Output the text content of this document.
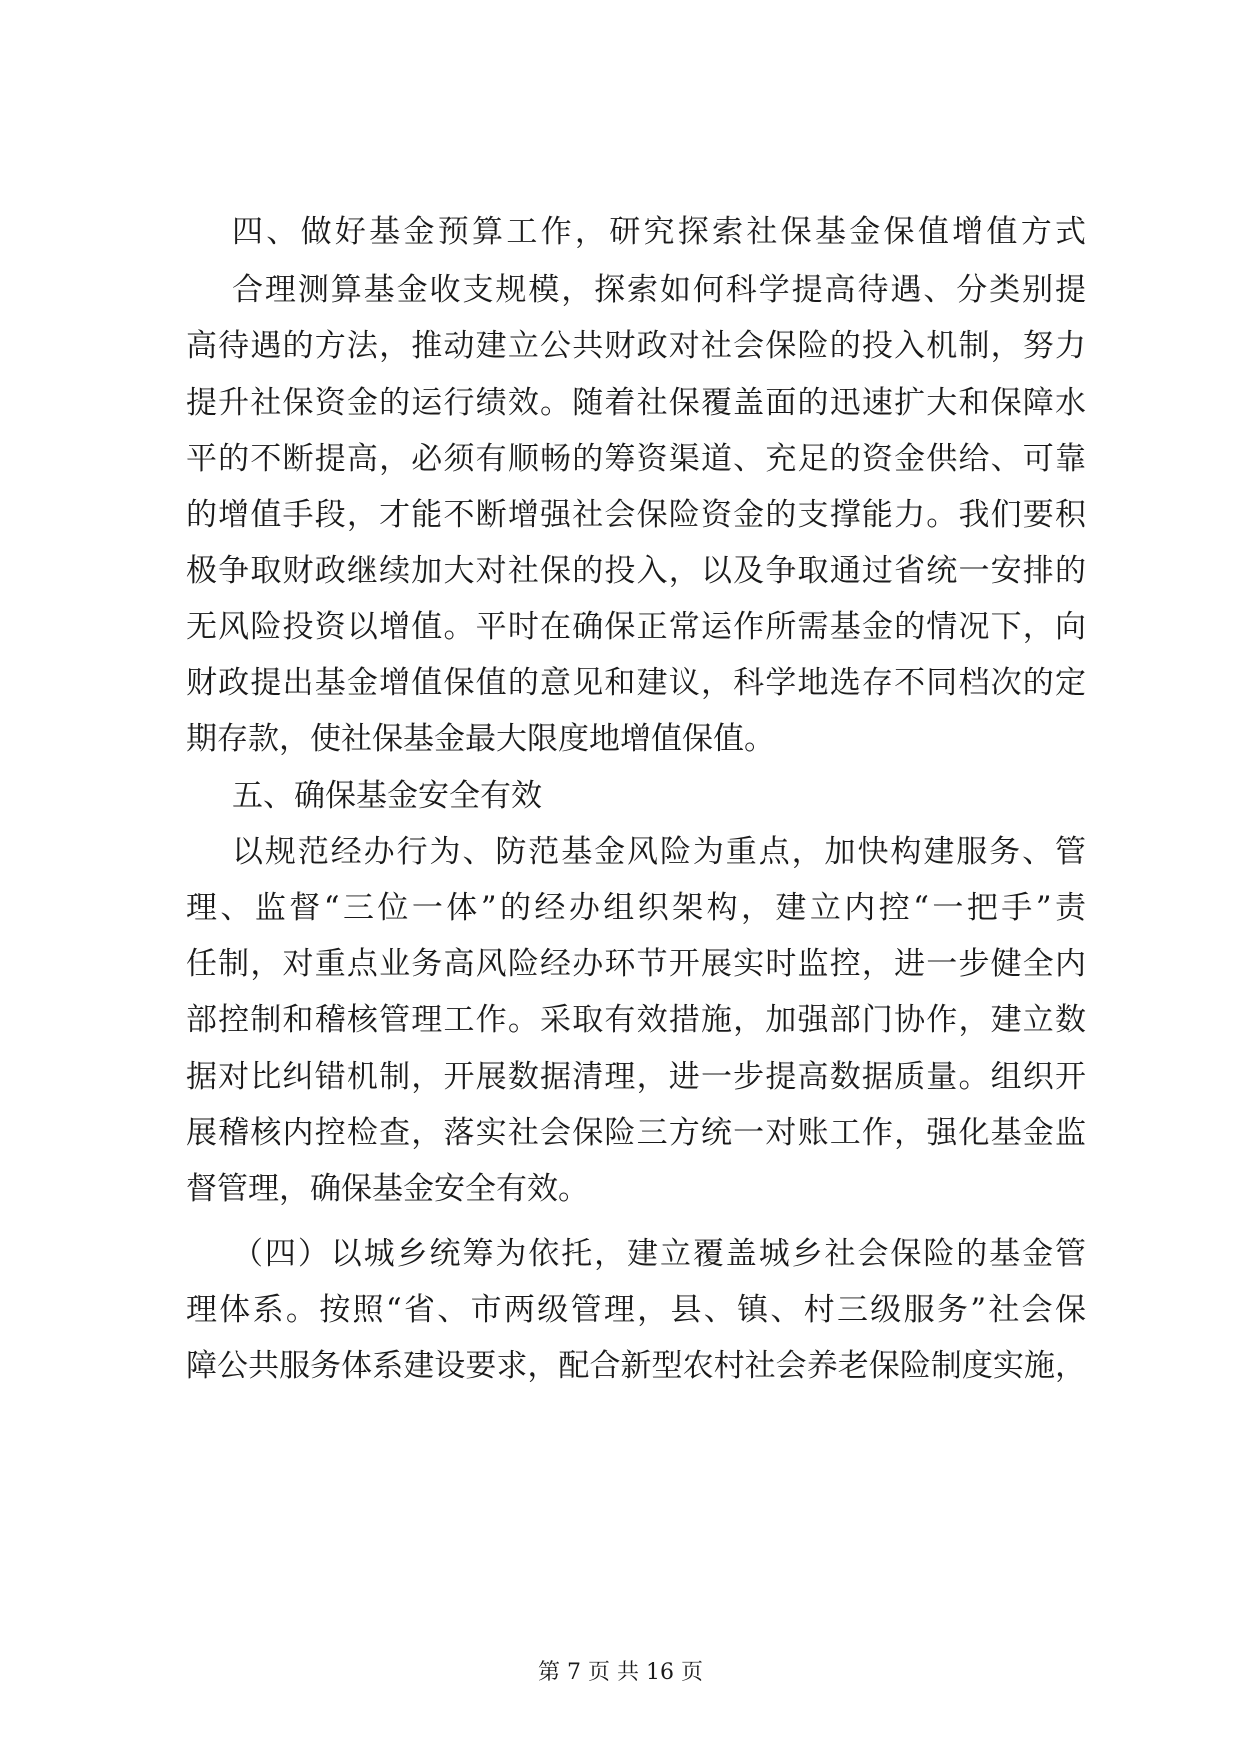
四、做好基金预算工作，研究探索社保基金保值增值方式
合理测算基金收支规模，探索如何科学提高待遇、分类别提
高待遇的方法，推动建立公共财政对社会保险的投入机制，努力
提升社保资金的运行绩效。随着社保覆盖面的迅速扩大和保障水
平的不断提高，必须有顺畅的筹资渠道、充足的资金供给、可靠
的增值手段，才能不断增强社会保险资金的支撑能力。我们要积
极争取财政继续加大对社保的投入，以及争取通过省统一安排的
无风险投资以增值。平时在确保正常运作所需基金的情况下，向
财政提出基金增值保值的意见和建议，科学地选存不同档次的定
期存款，使社保基金最大限度地增值保值。
五、确保基金安全有效
以规范经办行为、防范基金风险为重点，加快构建服务、管
理、监督“三位一体”的经办组织架构，建立内控“一把手”责
任制，对重点业务高风险经办环节开展实时监控，进一步健全内
部控制和稽核管理工作。采取有效措施，加强部门协作，建立数
据对比纠错机制，开展数据清理，进一步提高数据质量。组织开
展稽核内控检查，落实社会保险三方统一对账工作，强化基金监
督管理，确保基金安全有效。
（四）以城乡统筹为依托，建立覆盖城乡社会保险的基金管
理体系。按照“省、市两级管理，县、镇、村三级服务”社会保
障公共服务体系建设要求，配合新型农村社会养老保险制度实施，
第 7 页 共 16 页
